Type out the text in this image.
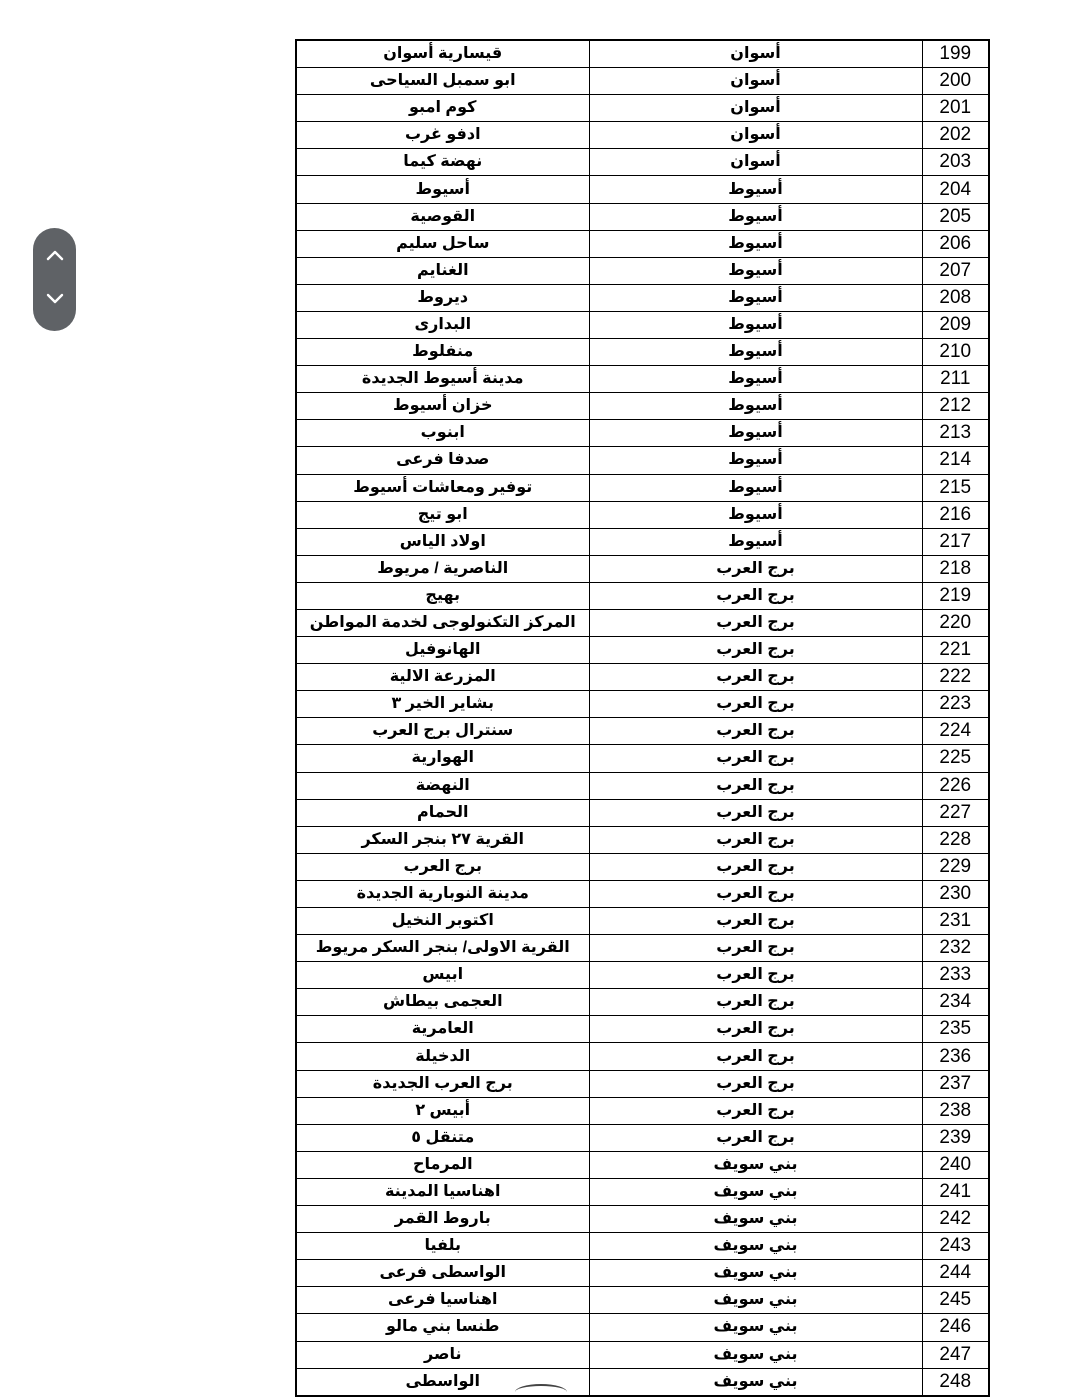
199	أسوان	قيسارية أسوان
200	أسوان	ابو سمبل السياحى
201	أسوان	كوم امبو
202	أسوان	ادفو غرب
203	أسوان	نهضة كيما
204	أسيوط	أسيوط
205	أسيوط	القوصية
206	أسيوط	ساحل سليم
207	أسيوط	الغنايم
208	أسيوط	ديروط
209	أسيوط	البدارى
210	أسيوط	منفلوط
211	أسيوط	مدينة أسيوط الجديدة
212	أسيوط	خزان أسيوط
213	أسيوط	ابنوب
214	أسيوط	صدفا فرعى
215	أسيوط	توفير ومعاشات أسيوط
216	أسيوط	ابو تيج
217	أسيوط	اولاد الياس
218	برج العرب	الناصرية / مريوط
219	برج العرب	بهيج
220	برج العرب	المركز التكنولوجى لخدمة المواطن
221	برج العرب	الهانوفيل
222	برج العرب	المزرعة الالية
223	برج العرب	بشاير الخير ٣
224	برج العرب	سنترال برج العرب
225	برج العرب	الهوارية
226	برج العرب	النهضة
227	برج العرب	الحمام
228	برج العرب	القرية ٢٧ بنجر السكر
229	برج العرب	برج العرب
230	برج العرب	مدينة النوبارية الجديدة
231	برج العرب	اكتوبر النخيل
232	برج العرب	القرية الاولى/ بنجر السكر مريوط
233	برج العرب	ابيس
234	برج العرب	العجمى بيطاش
235	برج العرب	العامرية
236	برج العرب	الدخيلة
237	برج العرب	برج العرب الجديدة
238	برج العرب	أبيس ٢
239	برج العرب	متنقل ٥
240	بني سويف	المرماح
241	بني سويف	اهناسيا المدينة
242	بني سويف	باروط القمر
243	بني سويف	بلفيا
244	بني سويف	الواسطى فرعى
245	بني سويف	اهناسيا فرعى
246	بني سويف	طنسا بني مالو
247	بني سويف	ناصر
248	بني سويف	الواسطى
